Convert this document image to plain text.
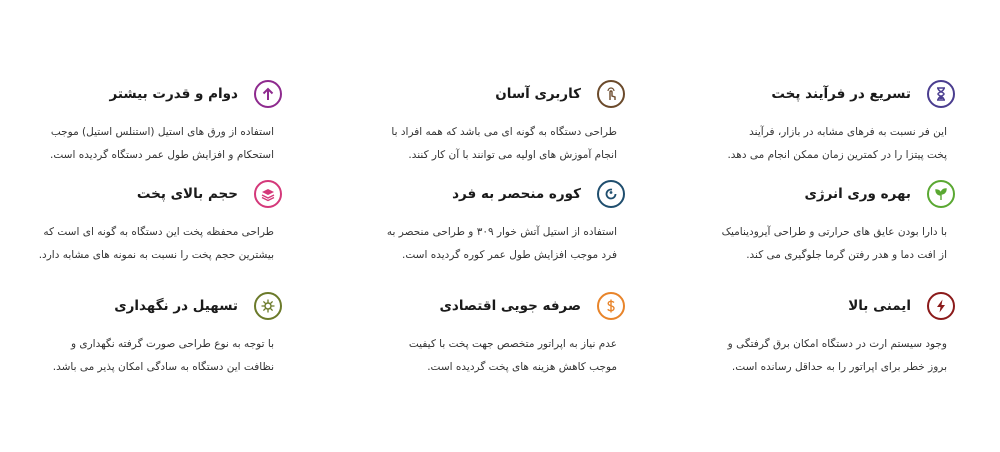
تسریع در فرآیند پخت
این فر نسبت به فرهای مشابه در بازار، فرآیند
پخت پیتزا را در کمترین زمان ممکن انجام می دهد.
کاربری آسان
طراحی دستگاه به گونه ای می باشد که همه افراد با
انجام آموزش های اولیه می توانند با آن کار کنند.
دوام و قدرت بیشتر
استفاده از ورق های استیل (استنلس استیل) موجب
استحکام و افزایش طول عمر دستگاه گردیده است.
بهره وری انرژی
با دارا بودن عایق های حرارتی و طراحی آیرودینامیک
از افت دما و هدر رفتن گرما جلوگیری می کند.
کوره منحصر به فرد
استفاده از استیل آتش خوار ۳۰۹ و طراحی منحصر به
فرد موجب افزایش طول عمر کوره گردیده است.
حجم بالای پخت
طراحی محفظه پخت این دستگاه به گونه ای است که
بیشترین حجم پخت را نسبت به نمونه های مشابه دارد.
ایمنی بالا
وجود سیستم ارت در دستگاه امکان برق گرفتگی و
بروز خطر برای اپراتور را به حداقل رسانده است.
صرفه جویی اقتصادی
عدم نیاز به اپراتور متخصص جهت پخت با کیفیت
موجب کاهش هزینه های پخت گردیده است.
تسهیل در نگهداری
با توجه به نوع طراحی صورت گرفته نگهداری و
نظافت این دستگاه به سادگی امکان پذیر می باشد.
